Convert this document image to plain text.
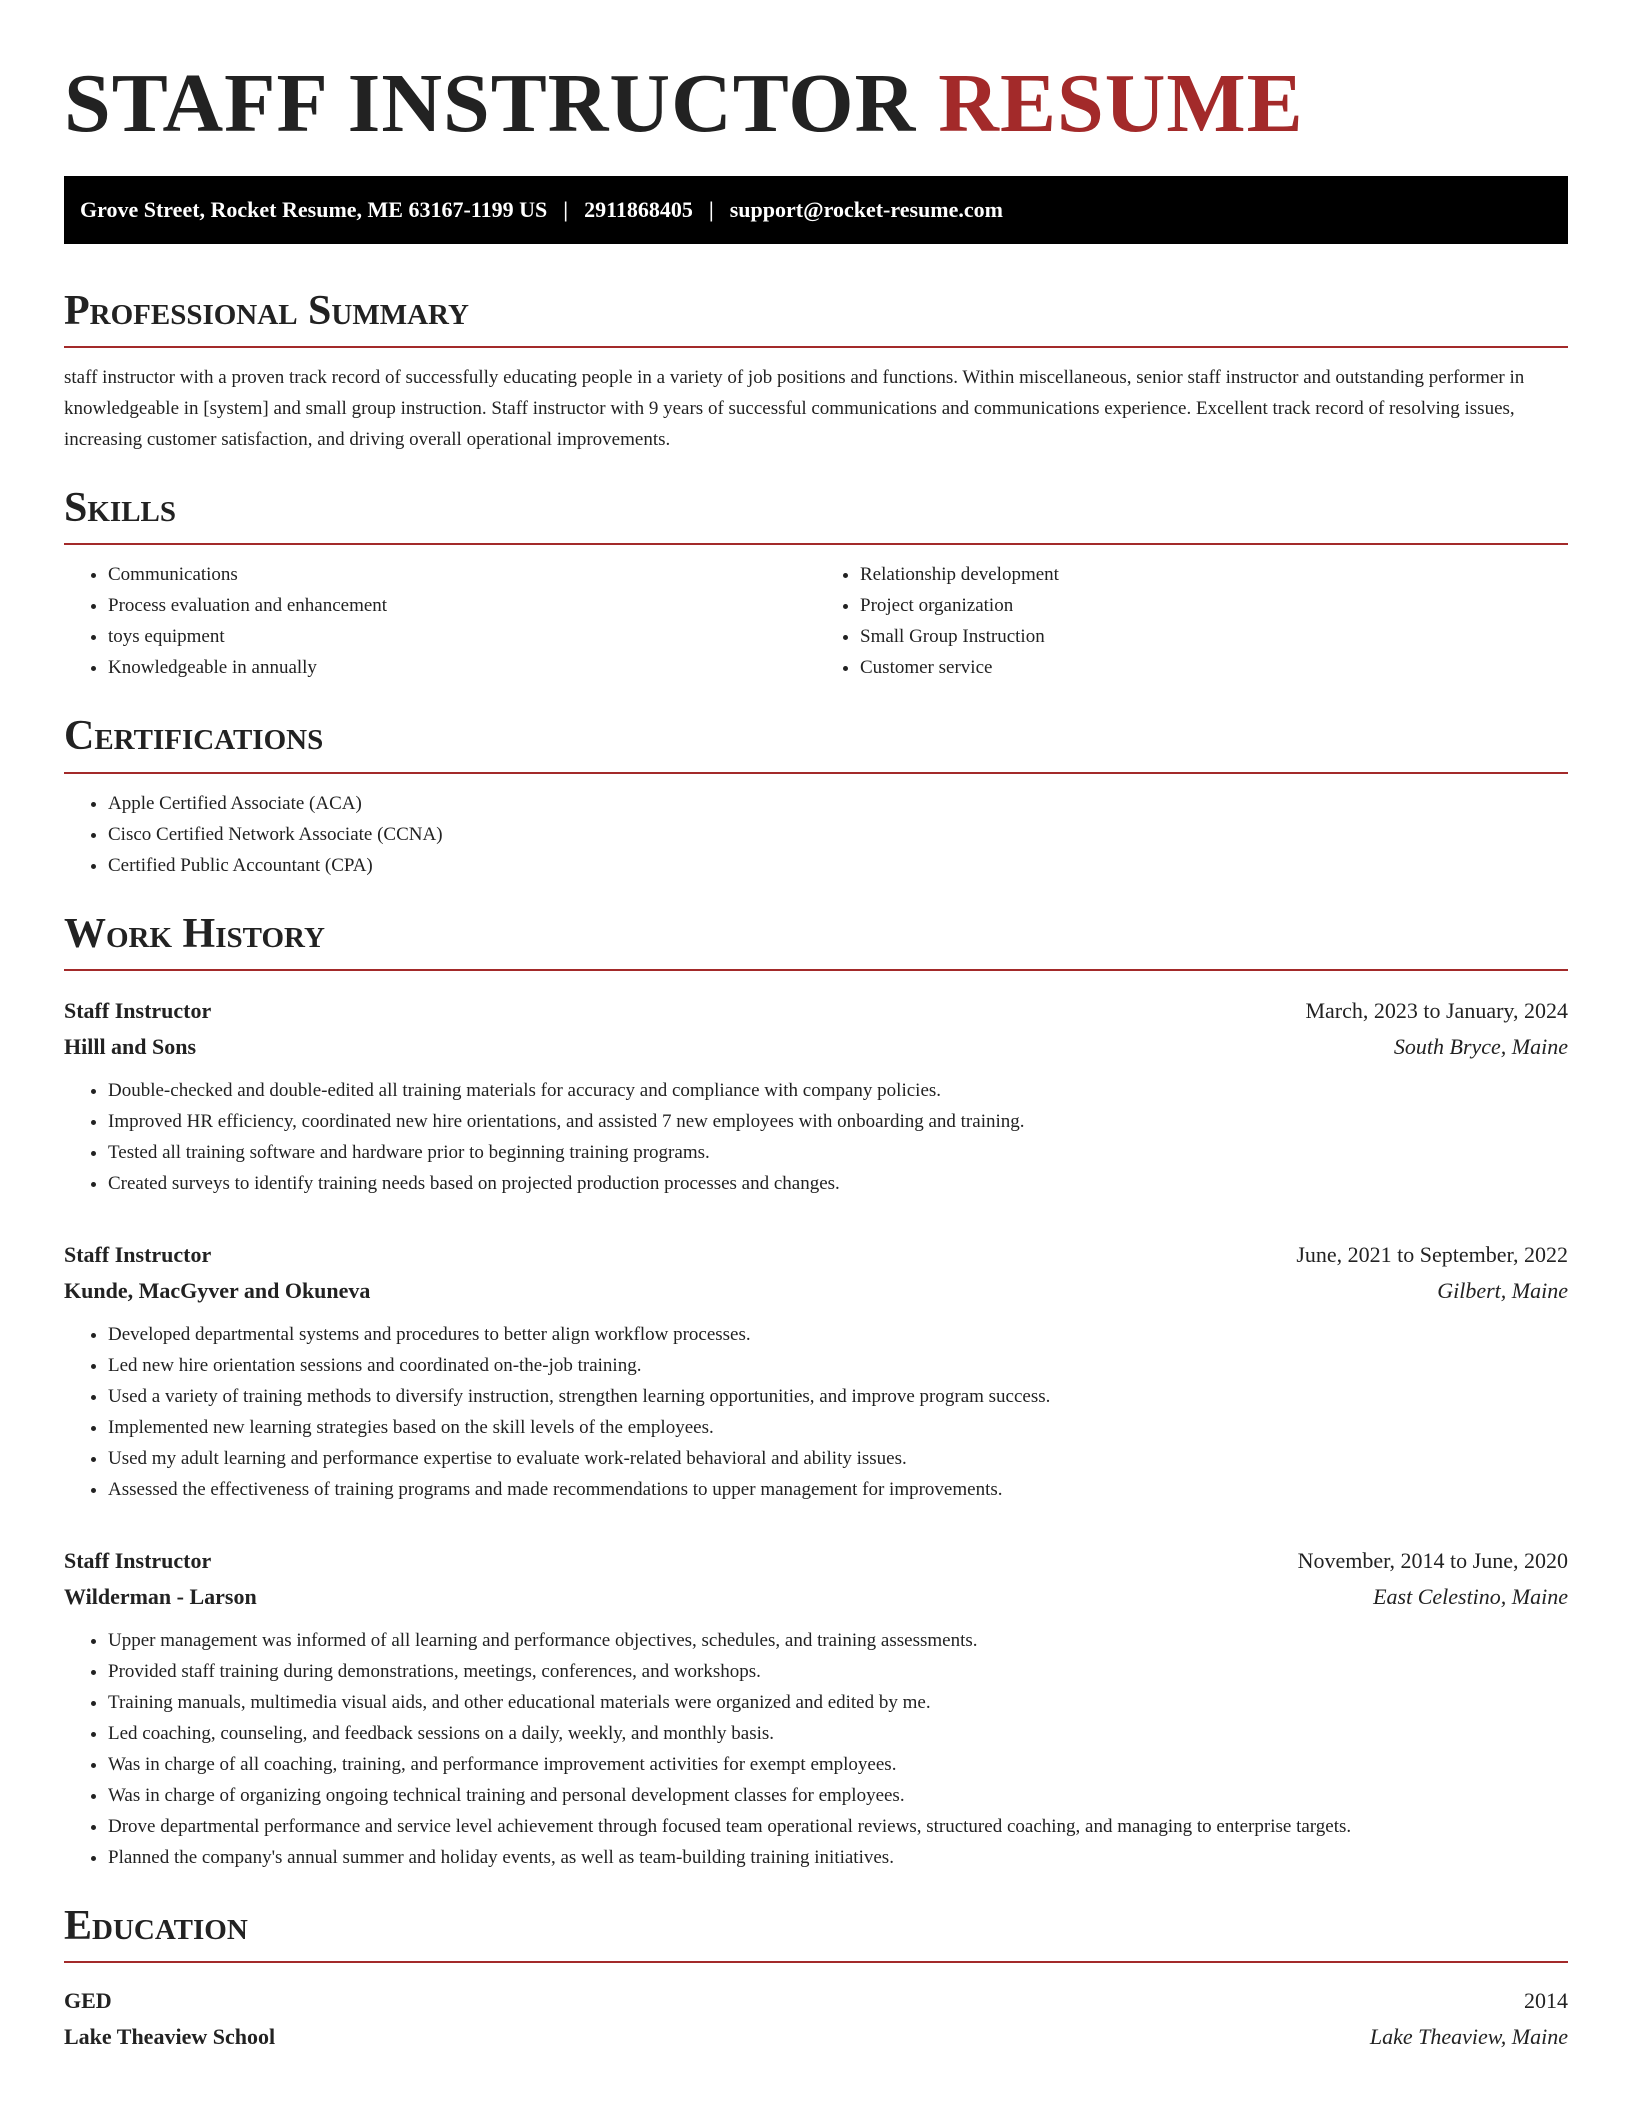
STAFF INSTRUCTOR RESUME
Grove Street, Rocket Resume, ME 63167-1199 US | 2911868405 | support@rocket-resume.com
Professional Summary

staff instructor with a proven track record of successfully educating people in a variety of job positions and functions. Within miscellaneous, senior staff instructor and outstanding performer in knowledgeable in [system] and small group instruction. Staff instructor with 9 years of successful communications and communications experience. Excellent track record of resolving issues, increasing customer satisfaction, and driving overall operational improvements.

Skills
• Communications
• Process evaluation and enhancement
• toys equipment
• Knowledgeable in annually
• Relationship development
• Project organization
• Small Group Instruction
• Customer service
Certifications
• Apple Certified Associate (ACA)
• Cisco Certified Network Associate (CCNA)
• Certified Public Accountant (CPA)
Work History
Staff Instructor	March, 2023 to January, 2024
Hilll and Sons	South Bryce, Maine
• Double-checked and double-edited all training materials for accuracy and compliance with company policies.
• Improved HR efficiency, coordinated new hire orientations, and assisted 7 new employees with onboarding and training.
• Tested all training software and hardware prior to beginning training programs.
• Created surveys to identify training needs based on projected production processes and changes.
Staff Instructor	June, 2021 to September, 2022
Kunde, MacGyver and Okuneva	Gilbert, Maine
• Developed departmental systems and procedures to better align workflow processes.
• Led new hire orientation sessions and coordinated on-the-job training.
• Used a variety of training methods to diversify instruction, strengthen learning opportunities, and improve program success.
• Implemented new learning strategies based on the skill levels of the employees.
• Used my adult learning and performance expertise to evaluate work-related behavioral and ability issues.
• Assessed the effectiveness of training programs and made recommendations to upper management for improvements.
Staff Instructor	November, 2014 to June, 2020
Wilderman - Larson	East Celestino, Maine
• Upper management was informed of all learning and performance objectives, schedules, and training assessments.
• Provided staff training during demonstrations, meetings, conferences, and workshops.
• Training manuals, multimedia visual aids, and other educational materials were organized and edited by me.
• Led coaching, counseling, and feedback sessions on a daily, weekly, and monthly basis.
• Was in charge of all coaching, training, and performance improvement activities for exempt employees.
• Was in charge of organizing ongoing technical training and personal development classes for employees.
• Drove departmental performance and service level achievement through focused team operational reviews, structured coaching, and managing to enterprise targets.
• Planned the company's annual summer and holiday events, as well as team-building training initiatives.
Education
GED	2014
Lake Theaview School	Lake Theaview, Maine
